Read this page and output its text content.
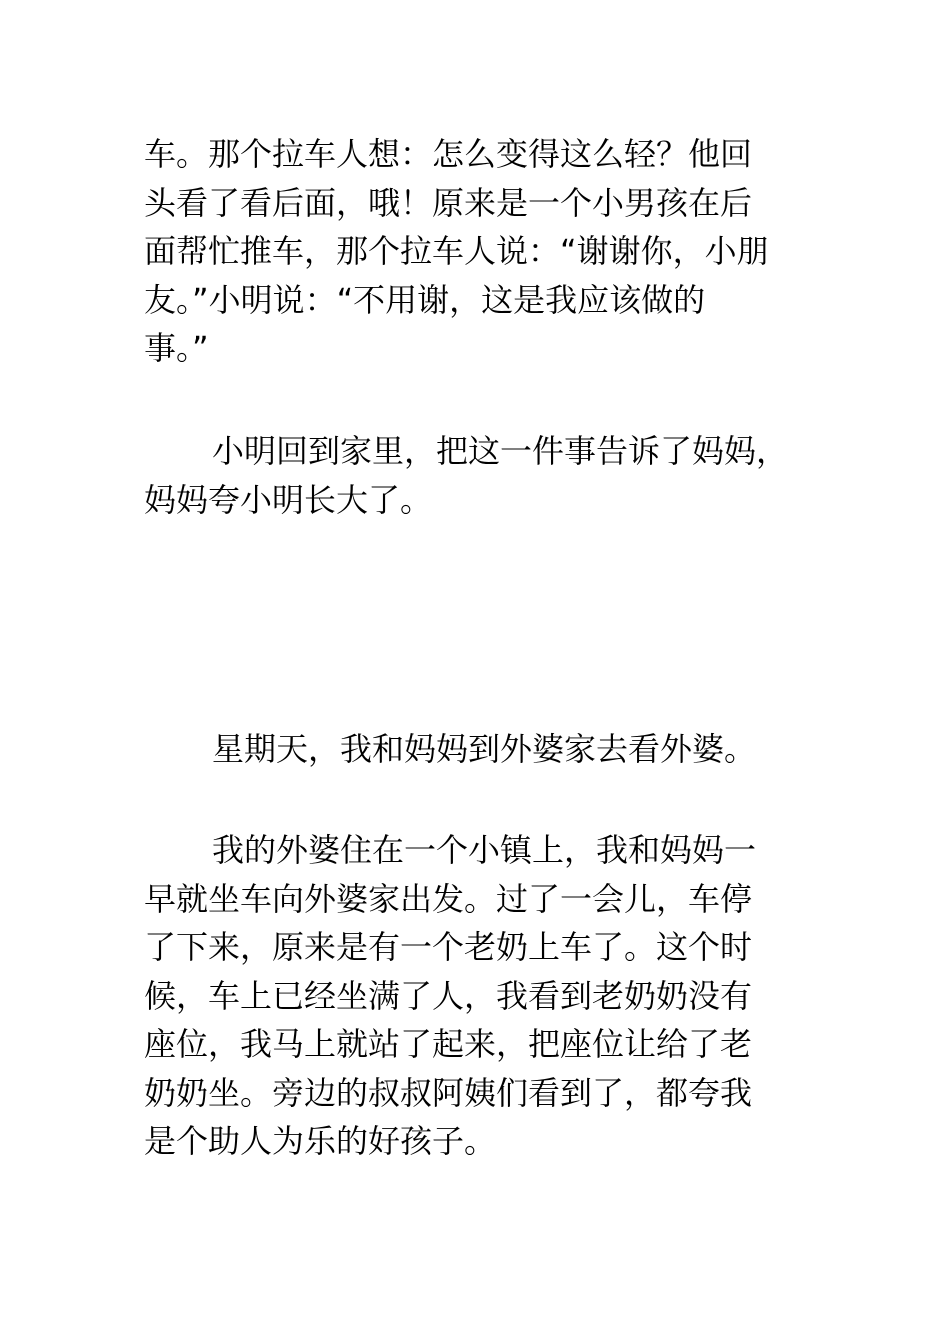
车。那个拉车人想：怎么变得这么轻？他回
头看了看后面，哦！原来是一个小男孩在后
面帮忙推车，那个拉车人说：“谢谢你，小朋
友。”小明说：“不用谢，这是我应该做的
事。”
小明回到家里，把这一件事告诉了妈妈，
妈妈夸小明长大了。
星期天，我和妈妈到外婆家去看外婆。
我的外婆住在一个小镇上，我和妈妈一
早就坐车向外婆家出发。过了一会儿，车停
了下来，原来是有一个老奶上车了。这个时
候，车上已经坐满了人，我看到老奶奶没有
座位，我马上就站了起来，把座位让给了老
奶奶坐。旁边的叔叔阿姨们看到了，都夸我
是个助人为乐的好孩子。
